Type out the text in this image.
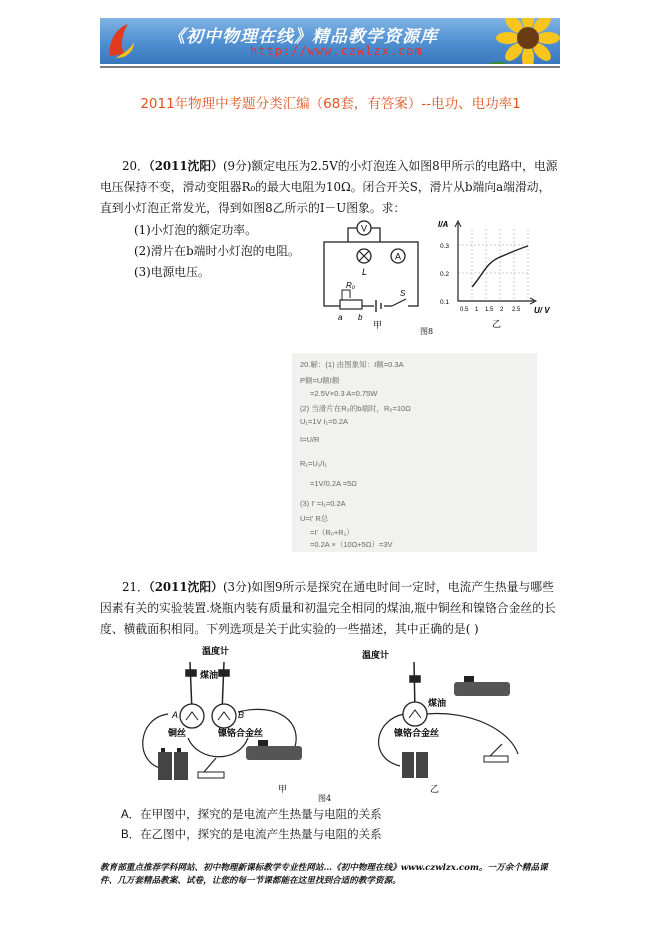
《初中物理在线》精品教学资源库
http://www.czwlzx.com
2011年物理中考题分类汇编（68套，有答案）--电功、电功率1
20．（2011沈阳）(9分)额定电压为2.5V的小灯泡连入如图8甲所示的电路中，电源电压保持不变，滑动变阻器R₀的最大电阻为10Ω。闭合开关S，滑片从b端向a端滑动，直到小灯泡正常发光，得到如图8乙所示的I－U图象。求：
(1)小灯泡的额定功率。
(2)滑片在b端时小灯泡的电阻。
(3)电源电压。
V
L
A
R₀
a b
S
甲
I/A
U/ V
0.3
0.2
0.1
0.5 1 1.5 2 2.5
乙
图8
20.解：(1) 由图象知：I额=0.3A
P额=U额I额
=2.5V×0.3 A=0.75W
(2) 当滑片在R₀的b端时，R₀=10Ω
U₁=1V I₁=0.2A
I=U/R
R₁=U₁/I₁
=1V/0.2A =5Ω
(3) I' =I₁=0.2A
U=I' R总
=I'（R₀+R₁）
=0.2A ×（10Ω+5Ω）=3V
21．（2011沈阳）(3分)如图9所示是探究在通电时间一定时，电流产生热量与哪些因素有关的实验装置.烧瓶内装有质量和初温完全相同的煤油,瓶中铜丝和镍铬合金丝的长度、横截面积相同。下列选项是关于此实验的一些描述，其中正确的是( )
温度计
煤油
A	B
铜丝	镍铬合金丝
甲
温度计
煤油
镍铬合金丝
乙
图4
A．在甲图中，探究的是电流产生热量与电阻的关系
B．在乙图中，探究的是电流产生热量与电阻的关系
教育部重点推荐学科网站、初中物理新课标教学专业性网站…《初中物理在线》www.czwlzx.com。一万余个精品课件、几万套精品教案、试卷，让您的每一节课都能在这里找到合适的教学资源。
